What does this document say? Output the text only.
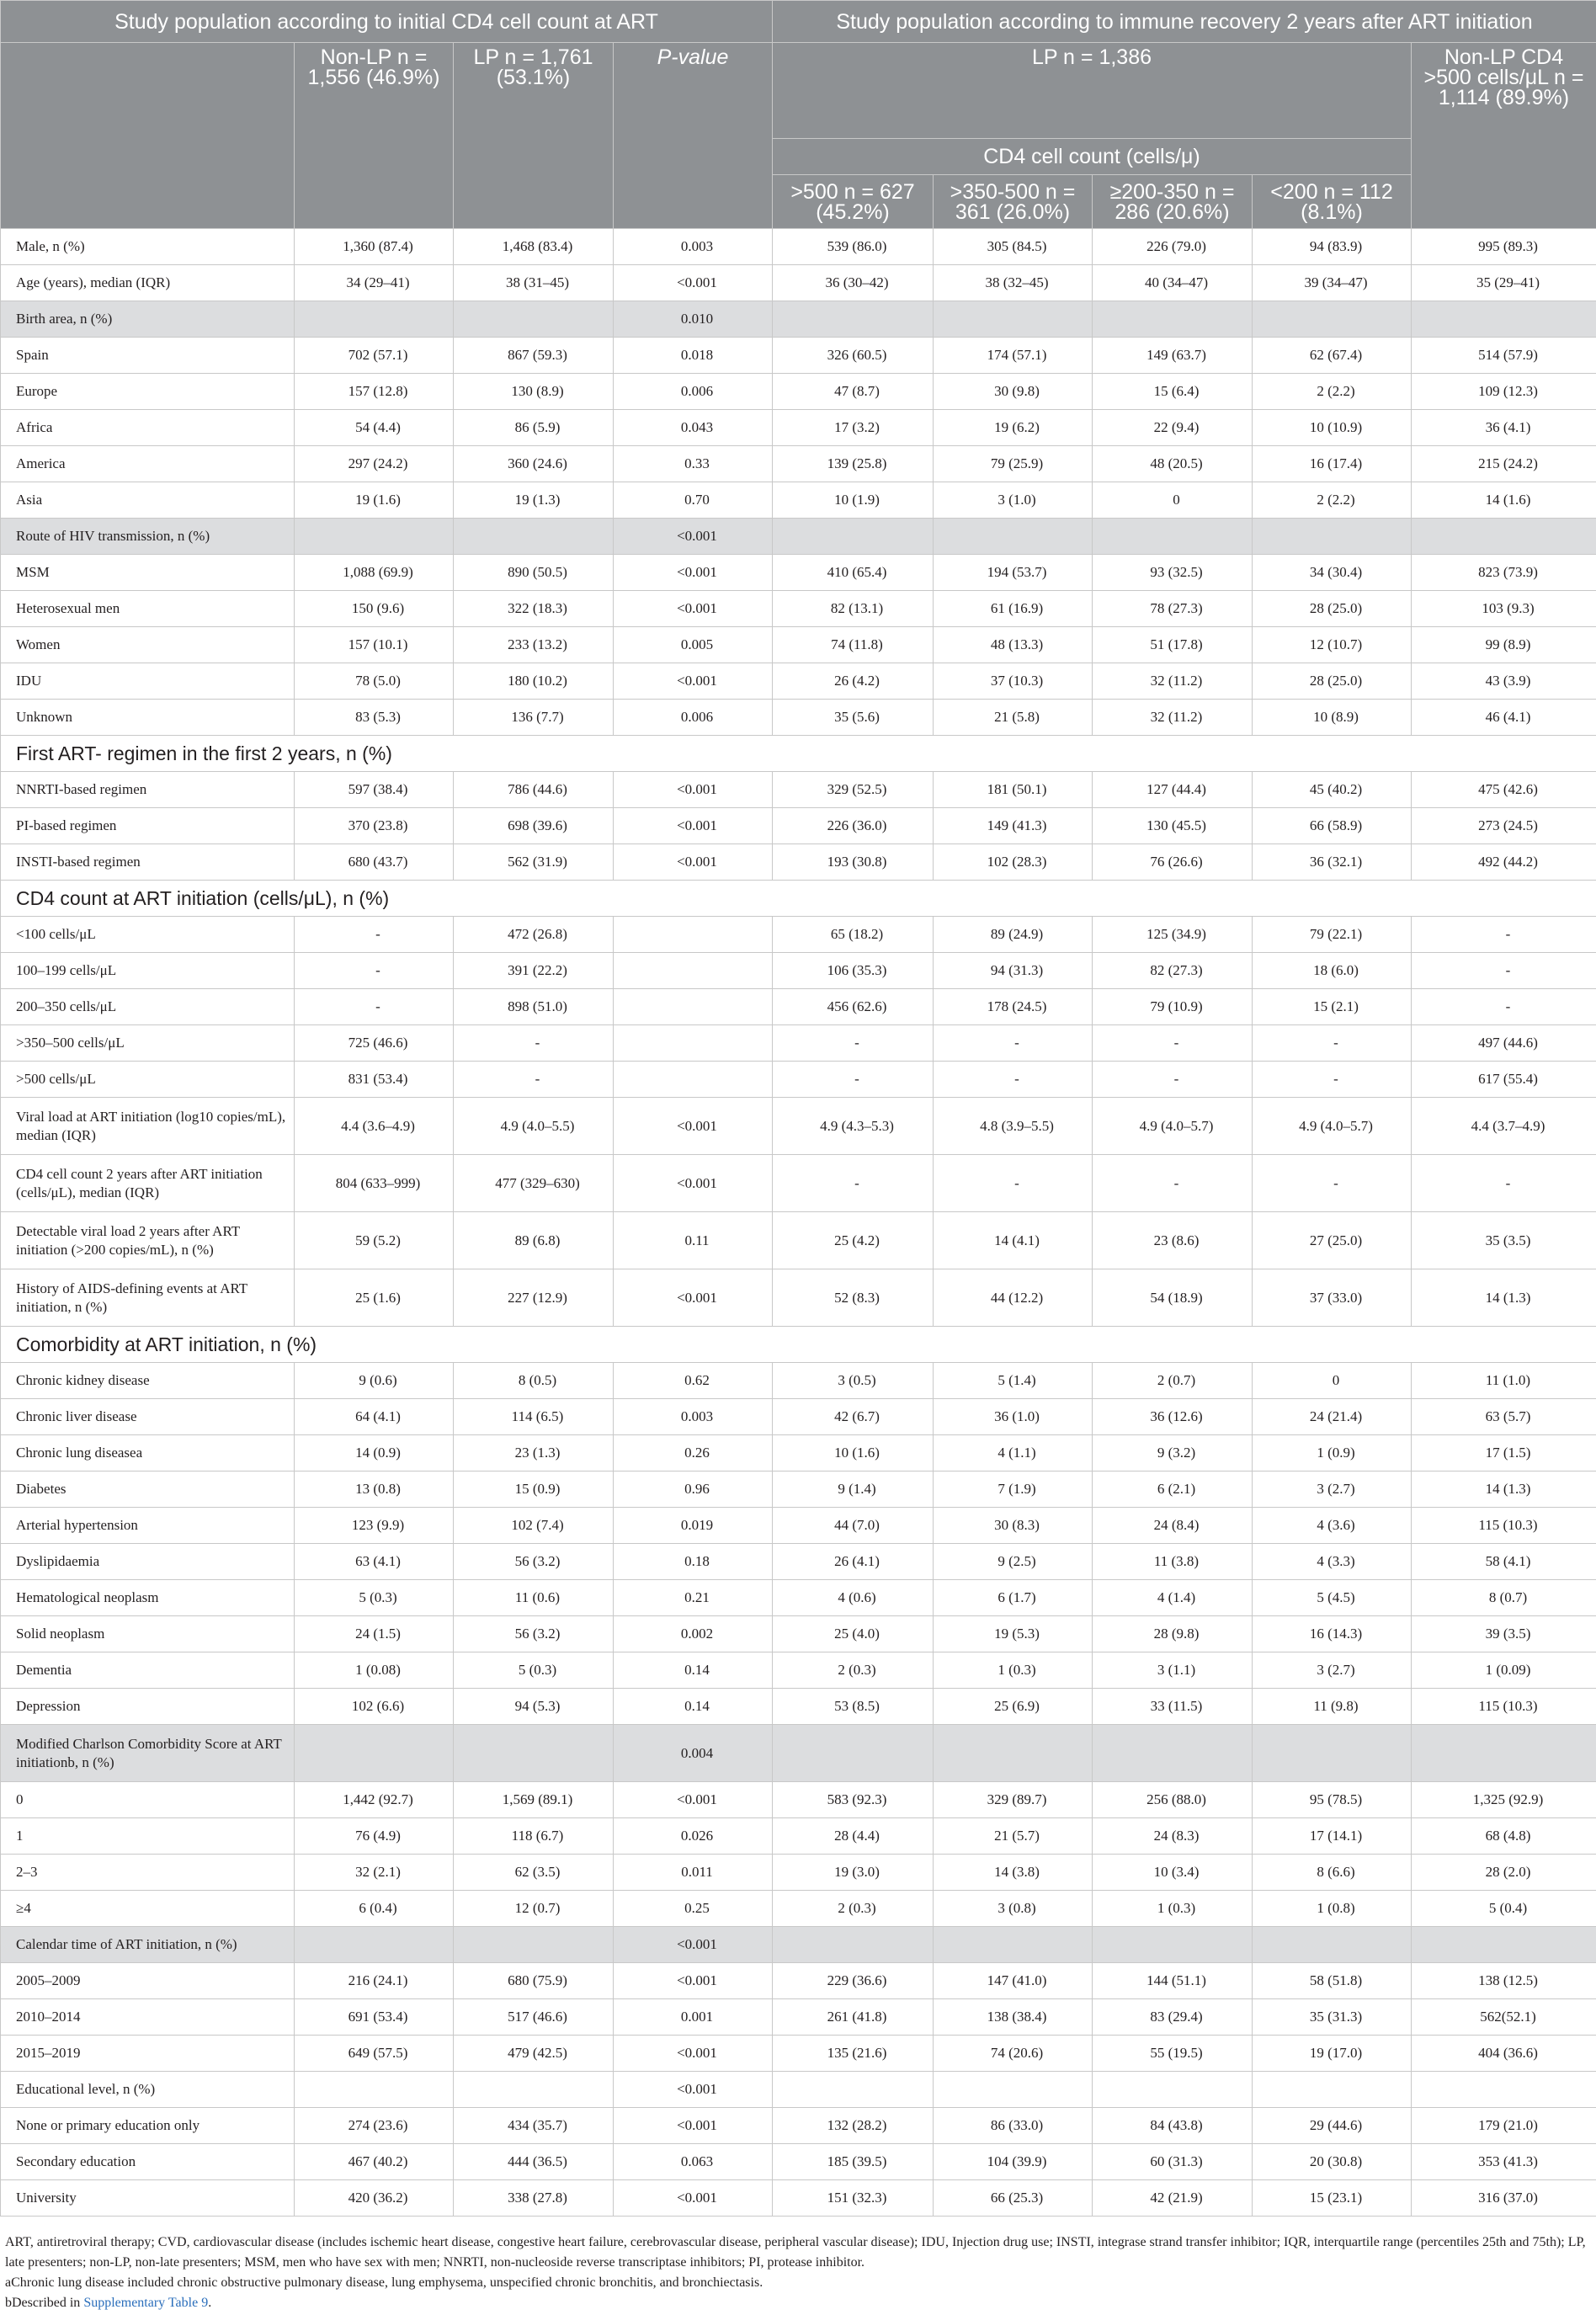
Study population according to initial CD4 cell count at ART				Study population according to immune recovery 2 years after ART initiation				
	Non-LP n = 1,556 (46.9%)	LP n = 1,761 (53.1%)	P-value	LP n = 1,386				Non-LP CD4 >500 cells/μL n = 1,114 (89.9%)
				CD4 cell count (cells/μ)				
				>500 n = 627 (45.2%)	>350-500 n = 361 (26.0%)	≥200-350 n = 286 (20.6%)	<200 n = 112 (8.1%)	
Male, n (%)	1,360 (87.4)	1,468 (83.4)	0.003	539 (86.0)	305 (84.5)	226 (79.0)	94 (83.9)	995 (89.3)
Age (years), median (IQR)	34 (29–41)	38 (31–45)	<0.001	36 (30–42)	38 (32–45)	40 (34–47)	39 (34–47)	35 (29–41)
Birth area, n (%)			0.010					
Spain	702 (57.1)	867 (59.3)	0.018	326 (60.5)	174 (57.1)	149 (63.7)	62 (67.4)	514 (57.9)
Europe	157 (12.8)	130 (8.9)	0.006	47 (8.7)	30 (9.8)	15 (6.4)	2 (2.2)	109 (12.3)
Africa	54 (4.4)	86 (5.9)	0.043	17 (3.2)	19 (6.2)	22 (9.4)	10 (10.9)	36 (4.1)
America	297 (24.2)	360 (24.6)	0.33	139 (25.8)	79 (25.9)	48 (20.5)	16 (17.4)	215 (24.2)
Asia	19 (1.6)	19 (1.3)	0.70	10 (1.9)	3 (1.0)	0	2 (2.2)	14 (1.6)
Route of HIV transmission, n (%)			<0.001					
MSM	1,088 (69.9)	890 (50.5)	<0.001	410 (65.4)	194 (53.7)	93 (32.5)	34 (30.4)	823 (73.9)
Heterosexual men	150 (9.6)	322 (18.3)	<0.001	82 (13.1)	61 (16.9)	78 (27.3)	28 (25.0)	103 (9.3)
Women	157 (10.1)	233 (13.2)	0.005	74 (11.8)	48 (13.3)	51 (17.8)	12 (10.7)	99 (8.9)
IDU	78 (5.0)	180 (10.2)	<0.001	26 (4.2)	37 (10.3)	32 (11.2)	28 (25.0)	43 (3.9)
Unknown	83 (5.3)	136 (7.7)	0.006	35 (5.6)	21 (5.8)	32 (11.2)	10 (8.9)	46 (4.1)
First ART- regimen in the first 2 years, n (%)								
NNRTI-based regimen	597 (38.4)	786 (44.6)	<0.001	329 (52.5)	181 (50.1)	127 (44.4)	45 (40.2)	475 (42.6)
PI-based regimen	370 (23.8)	698 (39.6)	<0.001	226 (36.0)	149 (41.3)	130 (45.5)	66 (58.9)	273 (24.5)
INSTI-based regimen	680 (43.7)	562 (31.9)	<0.001	193 (30.8)	102 (28.3)	76 (26.6)	36 (32.1)	492 (44.2)
CD4 count at ART initiation (cells/μL), n (%)								
<100 cells/μL	-	472 (26.8)		65 (18.2)	89 (24.9)	125 (34.9)	79 (22.1)	-
100–199 cells/μL	-	391 (22.2)		106 (35.3)	94 (31.3)	82 (27.3)	18 (6.0)	-
200–350 cells/μL	-	898 (51.0)		456 (62.6)	178 (24.5)	79 (10.9)	15 (2.1)	-
>350–500 cells/μL	725 (46.6)	-		-	-	-	-	497 (44.6)
>500 cells/μL	831 (53.4)	-		-	-	-	-	617 (55.4)
Viral load at ART initiation (log10 copies/mL), median (IQR)	4.4 (3.6–4.9)	4.9 (4.0–5.5)	<0.001	4.9 (4.3–5.3)	4.8 (3.9–5.5)	4.9 (4.0–5.7)	4.9 (4.0–5.7)	4.4 (3.7–4.9)
CD4 cell count 2 years after ART initiation (cells/μL), median (IQR)	804 (633–999)	477 (329–630)	<0.001	-	-	-	-	-
Detectable viral load 2 years after ART initiation (>200 copies/mL), n (%)	59 (5.2)	89 (6.8)	0.11	25 (4.2)	14 (4.1)	23 (8.6)	27 (25.0)	35 (3.5)
History of AIDS-defining events at ART initiation, n (%)	25 (1.6)	227 (12.9)	<0.001	52 (8.3)	44 (12.2)	54 (18.9)	37 (33.0)	14 (1.3)
Comorbidity at ART initiation, n (%)								
Chronic kidney disease	9 (0.6)	8 (0.5)	0.62	3 (0.5)	5 (1.4)	2 (0.7)	0	11 (1.0)
Chronic liver disease	64 (4.1)	114 (6.5)	0.003	42 (6.7)	36 (1.0)	36 (12.6)	24 (21.4)	63 (5.7)
Chronic lung diseasea	14 (0.9)	23 (1.3)	0.26	10 (1.6)	4 (1.1)	9 (3.2)	1 (0.9)	17 (1.5)
Diabetes	13 (0.8)	15 (0.9)	0.96	9 (1.4)	7 (1.9)	6 (2.1)	3 (2.7)	14 (1.3)
Arterial hypertension	123 (9.9)	102 (7.4)	0.019	44 (7.0)	30 (8.3)	24 (8.4)	4 (3.6)	115 (10.3)
Dyslipidaemia	63 (4.1)	56 (3.2)	0.18	26 (4.1)	9 (2.5)	11 (3.8)	4 (3.3)	58 (4.1)
Hematological neoplasm	5 (0.3)	11 (0.6)	0.21	4 (0.6)	6 (1.7)	4 (1.4)	5 (4.5)	8 (0.7)
Solid neoplasm	24 (1.5)	56 (3.2)	0.002	25 (4.0)	19 (5.3)	28 (9.8)	16 (14.3)	39 (3.5)
Dementia	1 (0.08)	5 (0.3)	0.14	2 (0.3)	1 (0.3)	3 (1.1)	3 (2.7)	1 (0.09)
Depression	102 (6.6)	94 (5.3)	0.14	53 (8.5)	25 (6.9)	33 (11.5)	11 (9.8)	115 (10.3)
Modified Charlson Comorbidity Score at ART initiationb, n (%)			0.004					
0	1,442 (92.7)	1,569 (89.1)	<0.001	583 (92.3)	329 (89.7)	256 (88.0)	95 (78.5)	1,325 (92.9)
1	76 (4.9)	118 (6.7)	0.026	28 (4.4)	21 (5.7)	24 (8.3)	17 (14.1)	68 (4.8)
2–3	32 (2.1)	62 (3.5)	0.011	19 (3.0)	14 (3.8)	10 (3.4)	8 (6.6)	28 (2.0)
≥4	6 (0.4)	12 (0.7)	0.25	2 (0.3)	3 (0.8)	1 (0.3)	1 (0.8)	5 (0.4)
Calendar time of ART initiation, n (%)			<0.001					
2005–2009	216 (24.1)	680 (75.9)	<0.001	229 (36.6)	147 (41.0)	144 (51.1)	58 (51.8)	138 (12.5)
2010–2014	691 (53.4)	517 (46.6)	0.001	261 (41.8)	138 (38.4)	83 (29.4)	35 (31.3)	562(52.1)
2015–2019	649 (57.5)	479 (42.5)	<0.001	135 (21.6)	74 (20.6)	55 (19.5)	19 (17.0)	404 (36.6)
Educational level, n (%)			<0.001					
None or primary education only	274 (23.6)	434 (35.7)	<0.001	132 (28.2)	86 (33.0)	84 (43.8)	29 (44.6)	179 (21.0)
Secondary education	467 (40.2)	444 (36.5)	0.063	185 (39.5)	104 (39.9)	60 (31.3)	20 (30.8)	353 (41.3)
University	420 (36.2)	338 (27.8)	<0.001	151 (32.3)	66 (25.3)	42 (21.9)	15 (23.1)	316 (37.0)

ART, antiretroviral therapy; CVD, cardiovascular disease (includes ischemic heart disease, congestive heart failure, cerebrovascular disease, peripheral vascular disease); IDU, Injection drug use; INSTI, integrase strand transfer inhibitor; IQR, interquartile range (percentiles 25th and 75th); LP, late presenters; non-LP, non-late presenters; MSM, men who have sex with men; NNRTI, non-nucleoside reverse transcriptase inhibitors; PI, protease inhibitor.

aChronic lung disease included chronic obstructive pulmonary disease, lung emphysema, unspecified chronic bronchitis, and bronchiectasis.

bDescribed in Supplementary Table 9.
